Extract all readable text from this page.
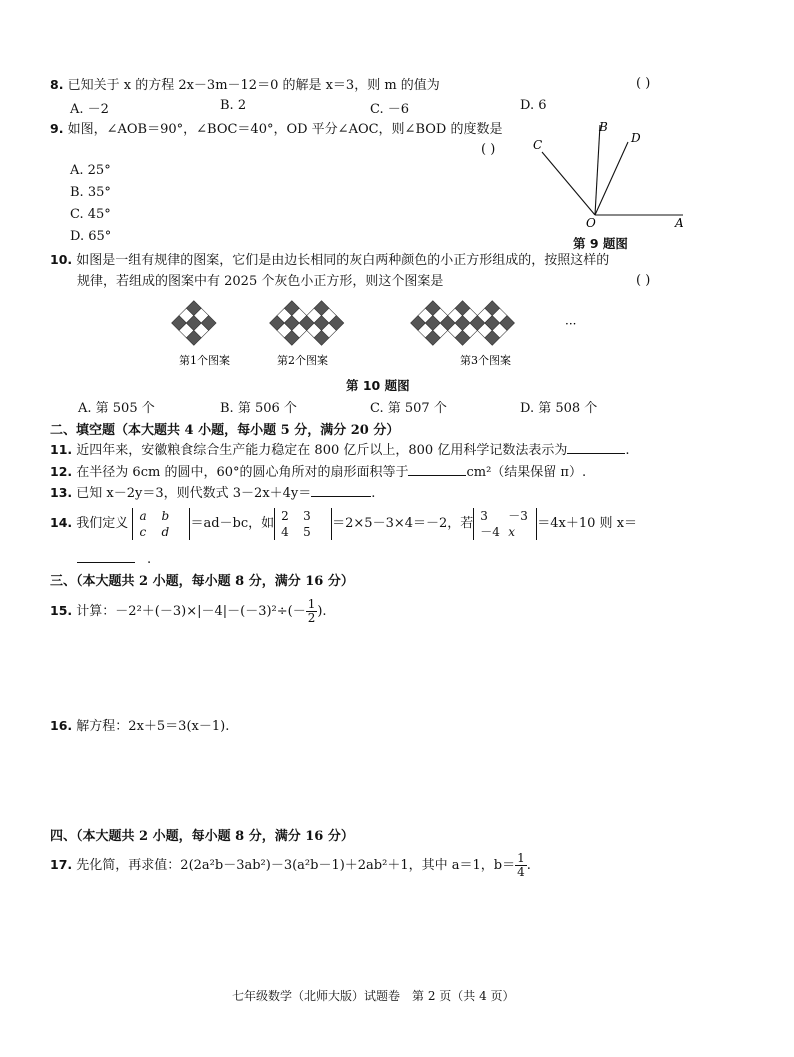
8. 已知关于 x 的方程 2x－3m－12＝0 的解是 x＝3，则 m 的值为	( )
A. －2	B. 2	C. －6	D. 6
9. 如图，∠AOB＝90°，∠BOC＝40°，OD 平分∠AOC，则∠BOD 的度数是
( )
A. 25°
B. 35°
C. 45°
D. 65°
B
D
C
O	A
第 9 题图
10. 如图是一组有规律的图案，它们是由边长相同的灰白两种颜色的小正方形组成的，按照这样的
规律，若组成的图案中有 2025 个灰色小正方形，则这个图案是	( )
第1个图案	第2个图案	第3个图案
···
第 10 题图
A. 第 505 个	B. 第 506 个	C. 第 507 个	D. 第 508 个
二、填空题（本大题共 4 小题，每小题 5 分，满分 20 分）
11. 近四年来，安徽粮食综合生产能力稳定在 800 亿斤以上，800 亿用科学记数法表示为	.
12. 在半径为 6cm 的圆中，60°的圆心角所对的扇形面积等于	cm²（结果保留 π）.
13. 已知 x－2y＝3，则代数式 3－2x＋4y＝	.
14. 我们定义 a b
c d＝ad－bc，如2 3
4 5＝2×5－3×4＝－2，若3 －3
－4 x＝4x＋10 则 x＝
.
三、（本大题共 2 小题，每小题 8 分，满分 16 分）
15. 计算：$-2^2+(-3)\times|-4|-(-3)^2\div(- \frac{1}{2}$ ).
16. 解方程：2x＋5＝3(x－1).
四、（本大题共 2 小题，每小题 8 分，满分 16 分）
17. 先化简，再求值：2(2a²b－3ab²)－3(a²b－1)＋2ab²＋1，其中 a＝1，$b= \frac{1}{4}$ .
七年级数学（北师大版）试题卷　第 2 页（共 4 页）
